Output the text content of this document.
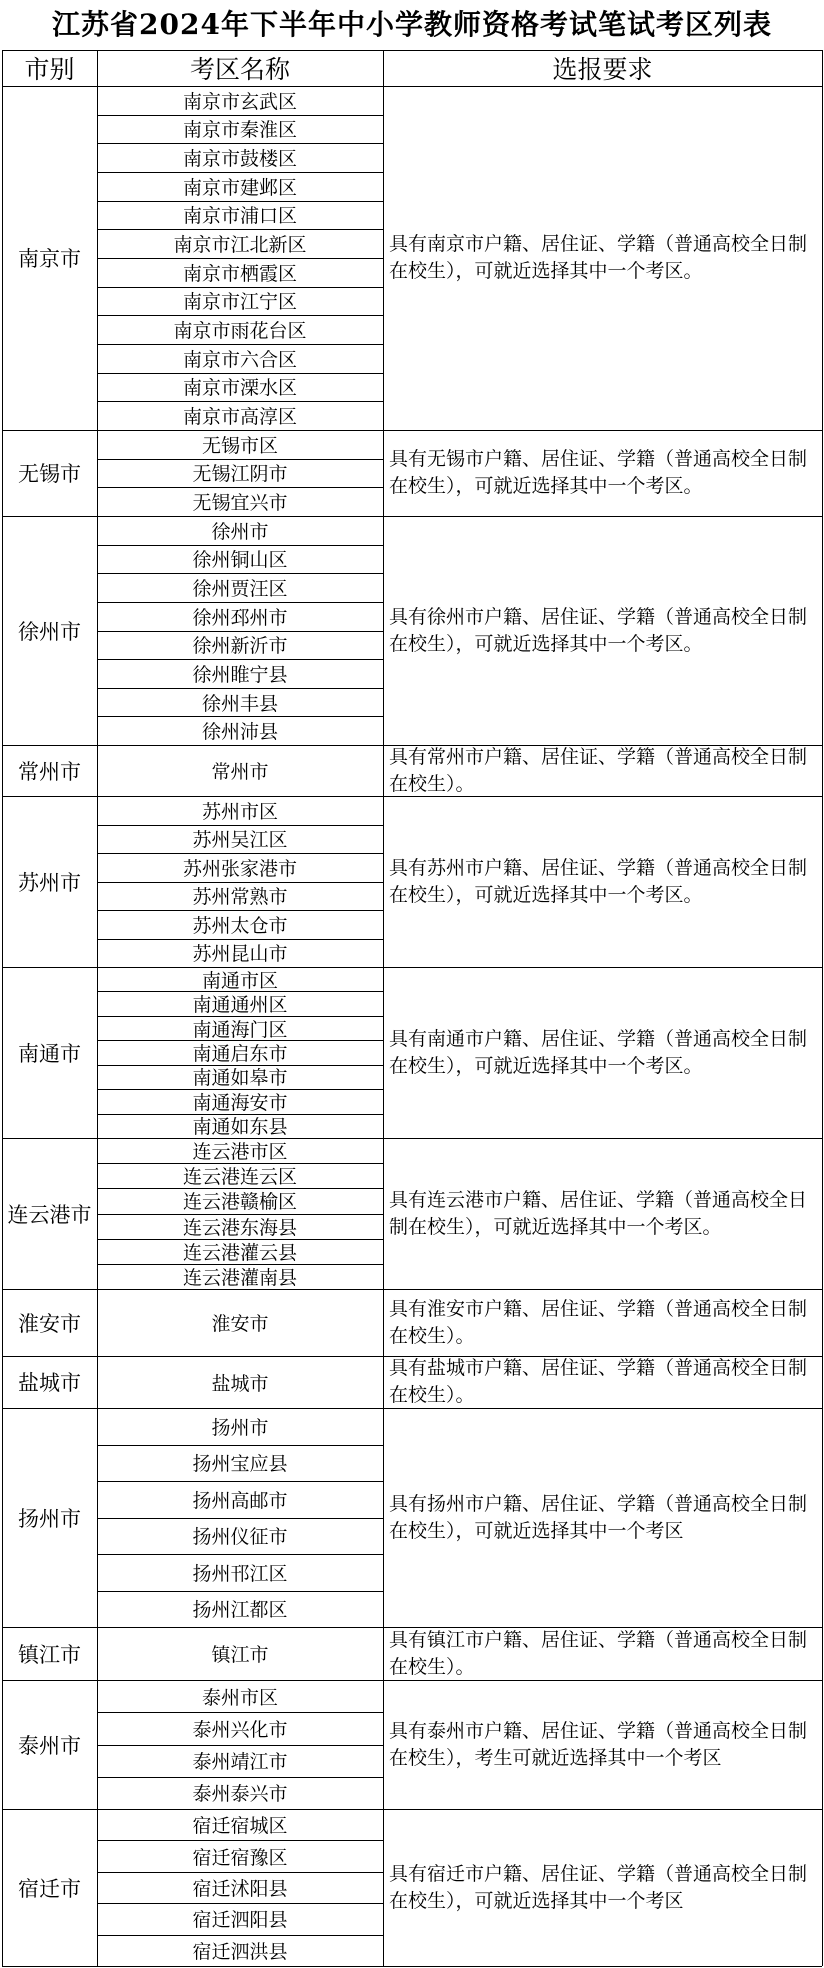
江苏省2024年下半年中小学教师资格考试笔试考区列表
市别	考区名称	选报要求
南京市
具有南京市户籍、居住证、学籍（普通高校全日制在校生），可就近选择其中一个考区。
南京市玄武区
南京市秦淮区
南京市鼓楼区
南京市建邺区
南京市浦口区
南京市江北新区
南京市栖霞区
南京市江宁区
南京市雨花台区
南京市六合区
南京市溧水区
南京市高淳区
无锡市
具有无锡市户籍、居住证、学籍（普通高校全日制在校生），可就近选择其中一个考区。
无锡市区
无锡江阴市
无锡宜兴市
徐州市
具有徐州市户籍、居住证、学籍（普通高校全日制在校生），可就近选择其中一个考区。
徐州市
徐州铜山区
徐州贾汪区
徐州邳州市
徐州新沂市
徐州睢宁县
徐州丰县
徐州沛县
常州市
具有常州市户籍、居住证、学籍（普通高校全日制在校生）。
常州市
苏州市
具有苏州市户籍、居住证、学籍（普通高校全日制在校生），可就近选择其中一个考区。
苏州市区
苏州吴江区
苏州张家港市
苏州常熟市
苏州太仓市
苏州昆山市
南通市
具有南通市户籍、居住证、学籍（普通高校全日制在校生），可就近选择其中一个考区。
南通市区
南通通州区
南通海门区
南通启东市
南通如皋市
南通海安市
南通如东县
连云港市
具有连云港市户籍、居住证、学籍（普通高校全日制在校生），可就近选择其中一个考区。
连云港市区
连云港连云区
连云港赣榆区
连云港东海县
连云港灌云县
连云港灌南县
淮安市
具有淮安市户籍、居住证、学籍（普通高校全日制在校生）。
淮安市
盐城市
具有盐城市户籍、居住证、学籍（普通高校全日制在校生）。
盐城市
扬州市
具有扬州市户籍、居住证、学籍（普通高校全日制在校生），可就近选择其中一个考区
扬州市
扬州宝应县
扬州高邮市
扬州仪征市
扬州邗江区
扬州江都区
镇江市
具有镇江市户籍、居住证、学籍（普通高校全日制在校生）。
镇江市
泰州市
具有泰州市户籍、居住证、学籍（普通高校全日制在校生），考生可就近选择其中一个考区
泰州市区
泰州兴化市
泰州靖江市
泰州泰兴市
宿迁市
具有宿迁市户籍、居住证、学籍（普通高校全日制在校生），可就近选择其中一个考区
宿迁宿城区
宿迁宿豫区
宿迁沭阳县
宿迁泗阳县
宿迁泗洪县
